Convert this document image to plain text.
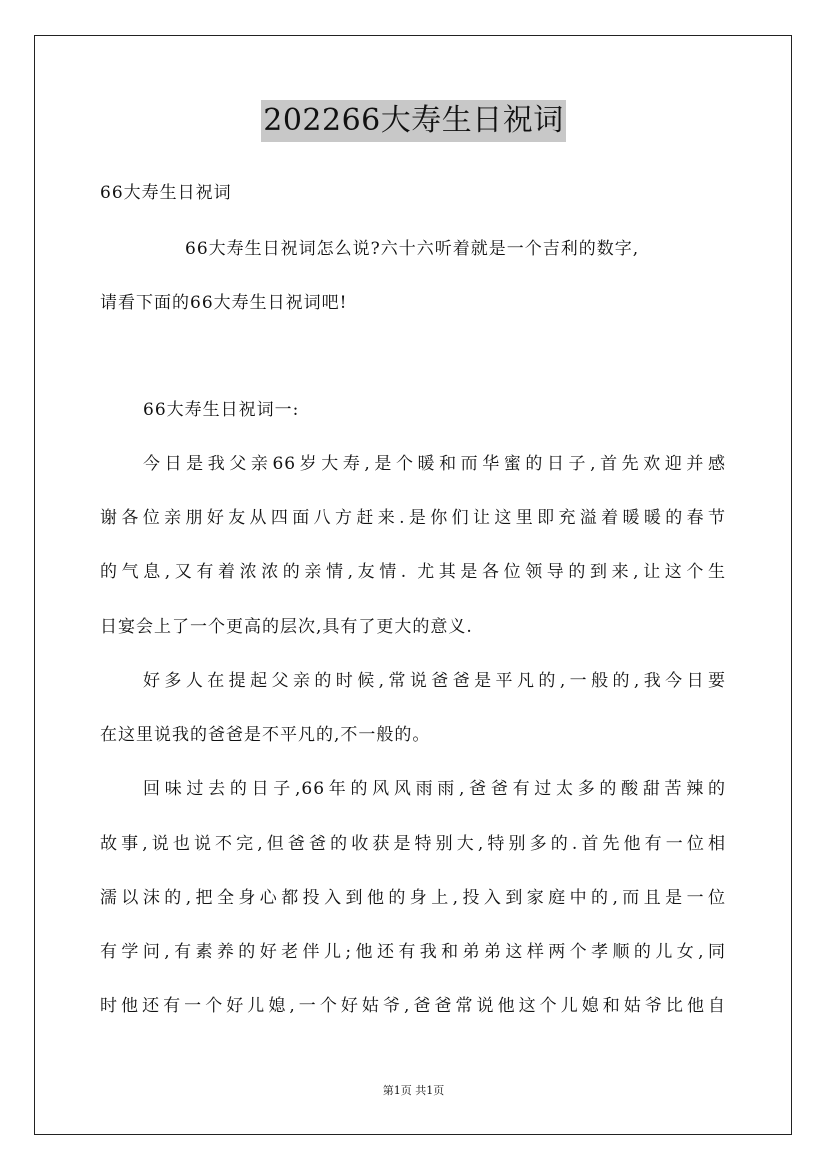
202266大寿生日祝词
66大寿生日祝词
66大寿生日祝词怎么说?六十六听着就是一个吉利的数字,
请看下面的66大寿生日祝词吧!
66大寿生日祝词一:
今日是我父亲66岁大寿,是个暖和而华蜜的日子,首先欢迎并感
谢各位亲朋好友从四面八方赶来.是你们让这里即充溢着暖暖的春节
的气息,又有着浓浓的亲情,友情. 尤其是各位领导的到来,让这个生
日宴会上了一个更高的层次,具有了更大的意义.
好多人在提起父亲的时候,常说爸爸是平凡的,一般的,我今日要
在这里说我的爸爸是不平凡的,不一般的。
回味过去的日子,66年的风风雨雨,爸爸有过太多的酸甜苦辣的
故事,说也说不完,但爸爸的收获是特别大,特别多的.首先他有一位相
濡以沫的,把全身心都投入到他的身上,投入到家庭中的,而且是一位
有学问,有素养的好老伴儿;他还有我和弟弟这样两个孝顺的儿女,同
时他还有一个好儿媳,一个好姑爷,爸爸常说他这个儿媳和姑爷比他自
第1页 共1页
